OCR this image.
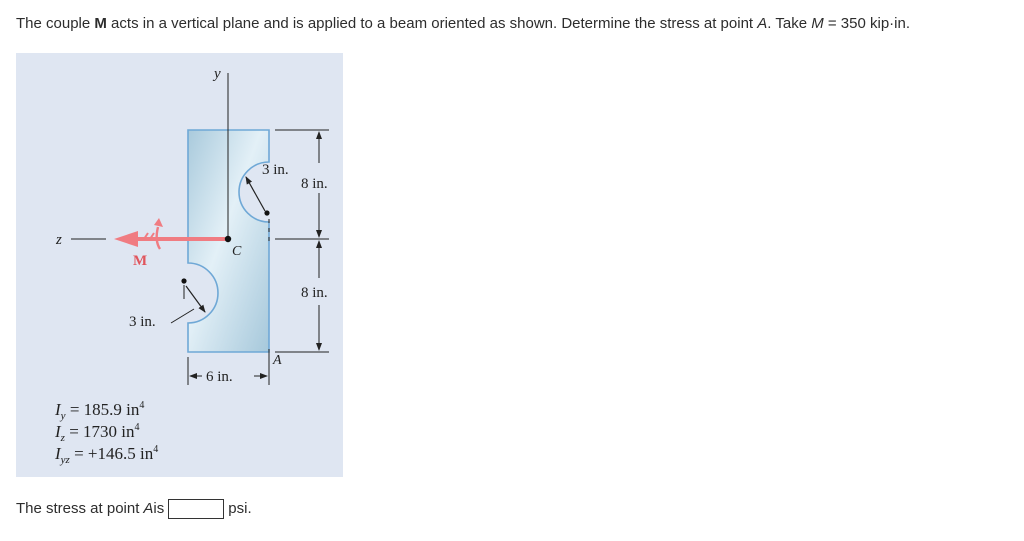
The couple M acts in a vertical plane and is applied to a beam oriented as shown. Determine the stress at point A. Take M = 350 kip·in.
y
z
M
C
3 in.
3 in.
8 in.
8 in.
A
6 in.
$I_y = 185.9$ $in^4$
$I_z = 1730$ $in^4$
$I_{yz} = +146.5$ $in^4$
The stress at point A is	psi.
